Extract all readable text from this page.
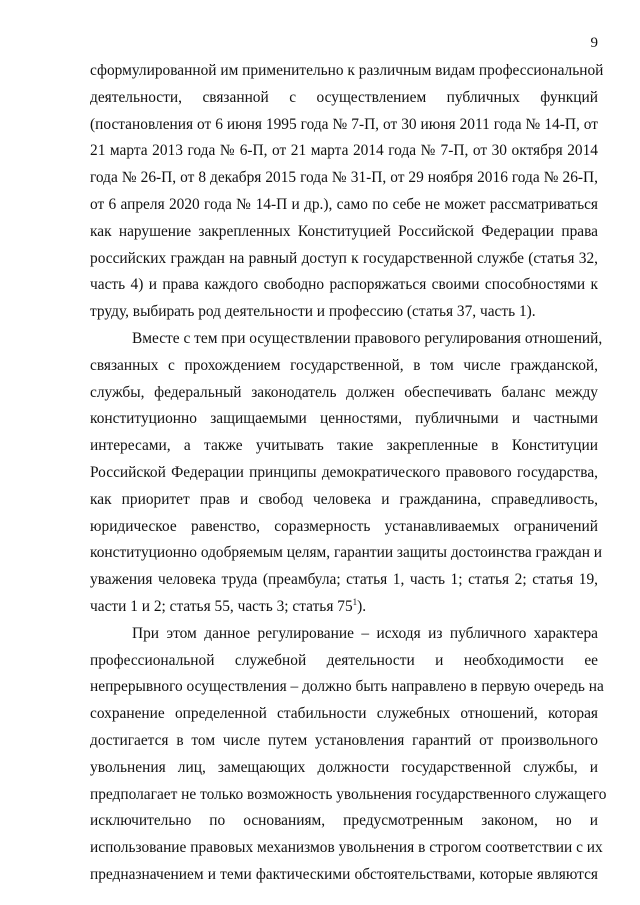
9
сформулированной им применительно к различным видам профессиональной
деятельности, связанной с осуществлением публичных функций
(постановления от 6 июня 1995 года № 7-П, от 30 июня 2011 года № 14-П, от
21 марта 2013 года № 6-П, от 21 марта 2014 года № 7-П, от 30 октября 2014
года № 26-П, от 8 декабря 2015 года № 31-П, от 29 ноября 2016 года № 26-П,
от 6 апреля 2020 года № 14-П и др.), само по себе не может рассматриваться
как нарушение закрепленных Конституцией Российской Федерации права
российских граждан на равный доступ к государственной службе (статья 32,
часть 4) и права каждого свободно распоряжаться своими способностями к
труду, выбирать род деятельности и профессию (статья 37, часть 1).
Вместе с тем при осуществлении правового регулирования отношений,
связанных с прохождением государственной, в том числе гражданской,
службы, федеральный законодатель должен обеспечивать баланс между
конституционно защищаемыми ценностями, публичными и частными
интересами, а также учитывать такие закрепленные в Конституции
Российской Федерации принципы демократического правового государства,
как приоритет прав и свобод человека и гражданина, справедливость,
юридическое равенство, соразмерность устанавливаемых ограничений
конституционно одобряемым целям, гарантии защиты достоинства граждан и
уважения человека труда (преамбула; статья 1, часть 1; статья 2; статья 19,
части 1 и 2; статья 55, часть 3; статья $75^1$).
При этом данное регулирование – исходя из публичного характера
профессиональной служебной деятельности и необходимости ее
непрерывного осуществления – должно быть направлено в первую очередь на
сохранение определенной стабильности служебных отношений, которая
достигается в том числе путем установления гарантий от произвольного
увольнения лиц, замещающих должности государственной службы, и
предполагает не только возможность увольнения государственного служащего
исключительно по основаниям, предусмотренным законом, но и
использование правовых механизмов увольнения в строгом соответствии с их
предназначением и теми фактическими обстоятельствами, которые являются
